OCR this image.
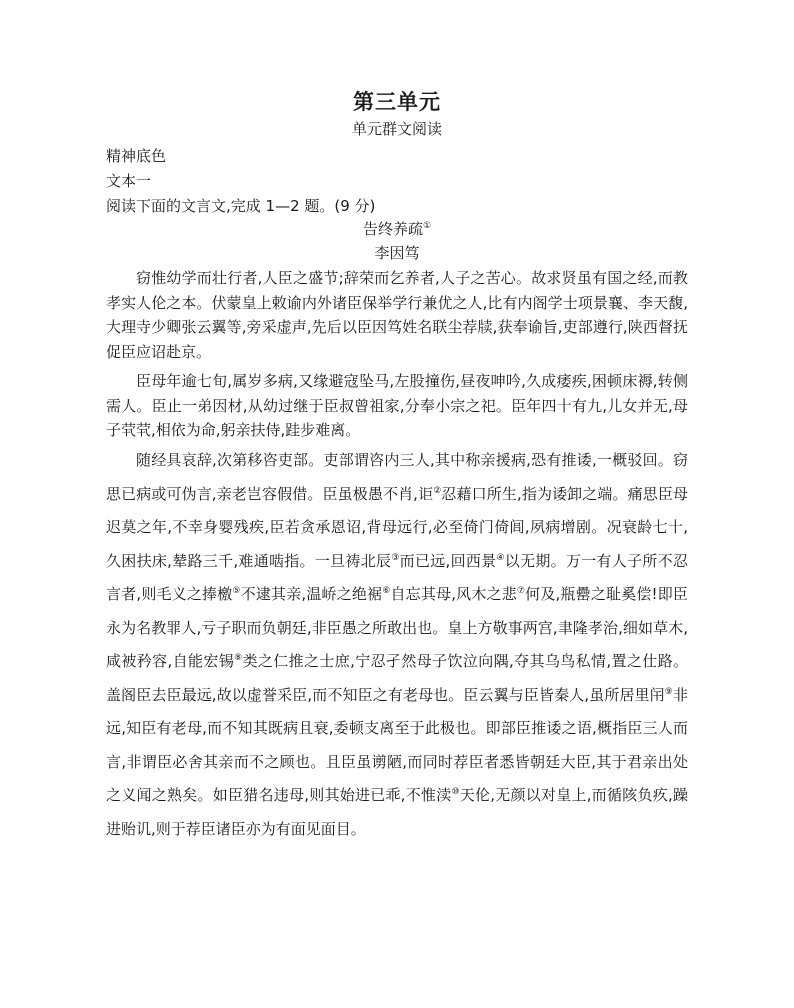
第三单元
单元群文阅读
精神底色
文本一
阅读下面的文言文,完成 1—2 题。(9 分)
告终养疏①
李因笃
窃惟幼学而壮行者,人臣之盛节;辞荣而乞养者,人子之苦心。故求贤虽有国之经,而教孝实人伦之本。伏蒙皇上敕谕内外诸臣保举学行兼优之人,比有内阁学士项景襄、李天馥,大理寺少卿张云翼等,旁采虚声,先后以臣因笃姓名联尘荐牍,获奉谕旨,吏部遵行,陕西督抚促臣应诏赴京。
臣母年逾七旬,属岁多病,又缘避寇坠马,左股撞伤,昼夜呻吟,久成痿疾,困顿床褥,转侧需人。臣止一弟因材,从幼过继于臣叔曾祖家,分奉小宗之祀。臣年四十有九,儿女并无,母子茕茕,相依为命,躬亲扶侍,跬步难离。
随经具哀辞,次第移咨吏部。吏部谓咨内三人,其中称亲援病,恐有推诿,一概驳回。窃思已病或可伪言,亲老岂容假借。臣虽极愚不肖,讵②忍藉口所生,指为诿卸之端。痛思臣母迟莫之年,不幸身婴残疾,臣若贪承恩诏,背母远行,必至倚门倚闾,夙病增剧。况衰龄七十,久困扶床,辇路三千,难通啮指。一旦祷北辰③而已远,回西景④以无期。万一有人子所不忍言者,则毛义之捧檄⑤不逮其亲,温峤之绝裾⑥自忘其母,风木之悲⑦何及,瓶罍之耻奚偿!即臣永为名教罪人,亏子职而负朝廷,非臣愚之所敢出也。皇上方敬事两宫,聿隆孝治,细如草木,咸被矜容,自能宏锡⑧类之仁推之士庶,宁忍孑然母子饮泣向隅,夺其乌鸟私情,置之仕路。盖阁臣去臣最远,故以虚誉采臣,而不知臣之有老母也。臣云翼与臣皆秦人,虽所居里闬⑨非远,知臣有老母,而不知其既病且衰,委顿支离至于此极也。即部臣推诿之语,概指臣三人而言,非谓臣必舍其亲而不之顾也。且臣虽谫陋,而同时荐臣者悉皆朝廷大臣,其于君亲出处之义闻之熟矣。如臣猎名违母,则其始进已乖,不惟渎⑩天伦,无颜以对皇上,而循陔负疚,躁进贻讥,则于荐臣诸臣亦为有面见面目。
